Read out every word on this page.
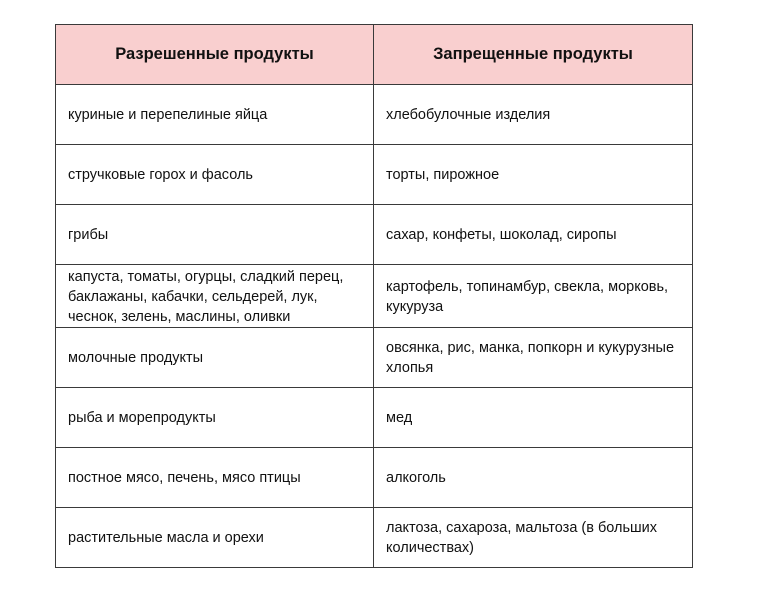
Разрешенные продукты	Запрещенные продукты
куриные и перепелиные яйца	хлебобулочные изделия
стручковые горох и фасоль	торты, пирожное
грибы	сахар, конфеты, шоколад, сиропы
капуста, томаты, огурцы, сладкий перец, баклажаны, кабачки, сельдерей, лук, чеснок, зелень, маслины, оливки	картофель, топинамбур, свекла, морковь, кукуруза
молочные продукты	овсянка, рис, манка, попкорн и кукурузные хлопья
рыба и морепродукты	мед
постное мясо, печень, мясо птицы	алкоголь
растительные масла и орехи	лактоза, сахароза, мальтоза (в больших количествах)
